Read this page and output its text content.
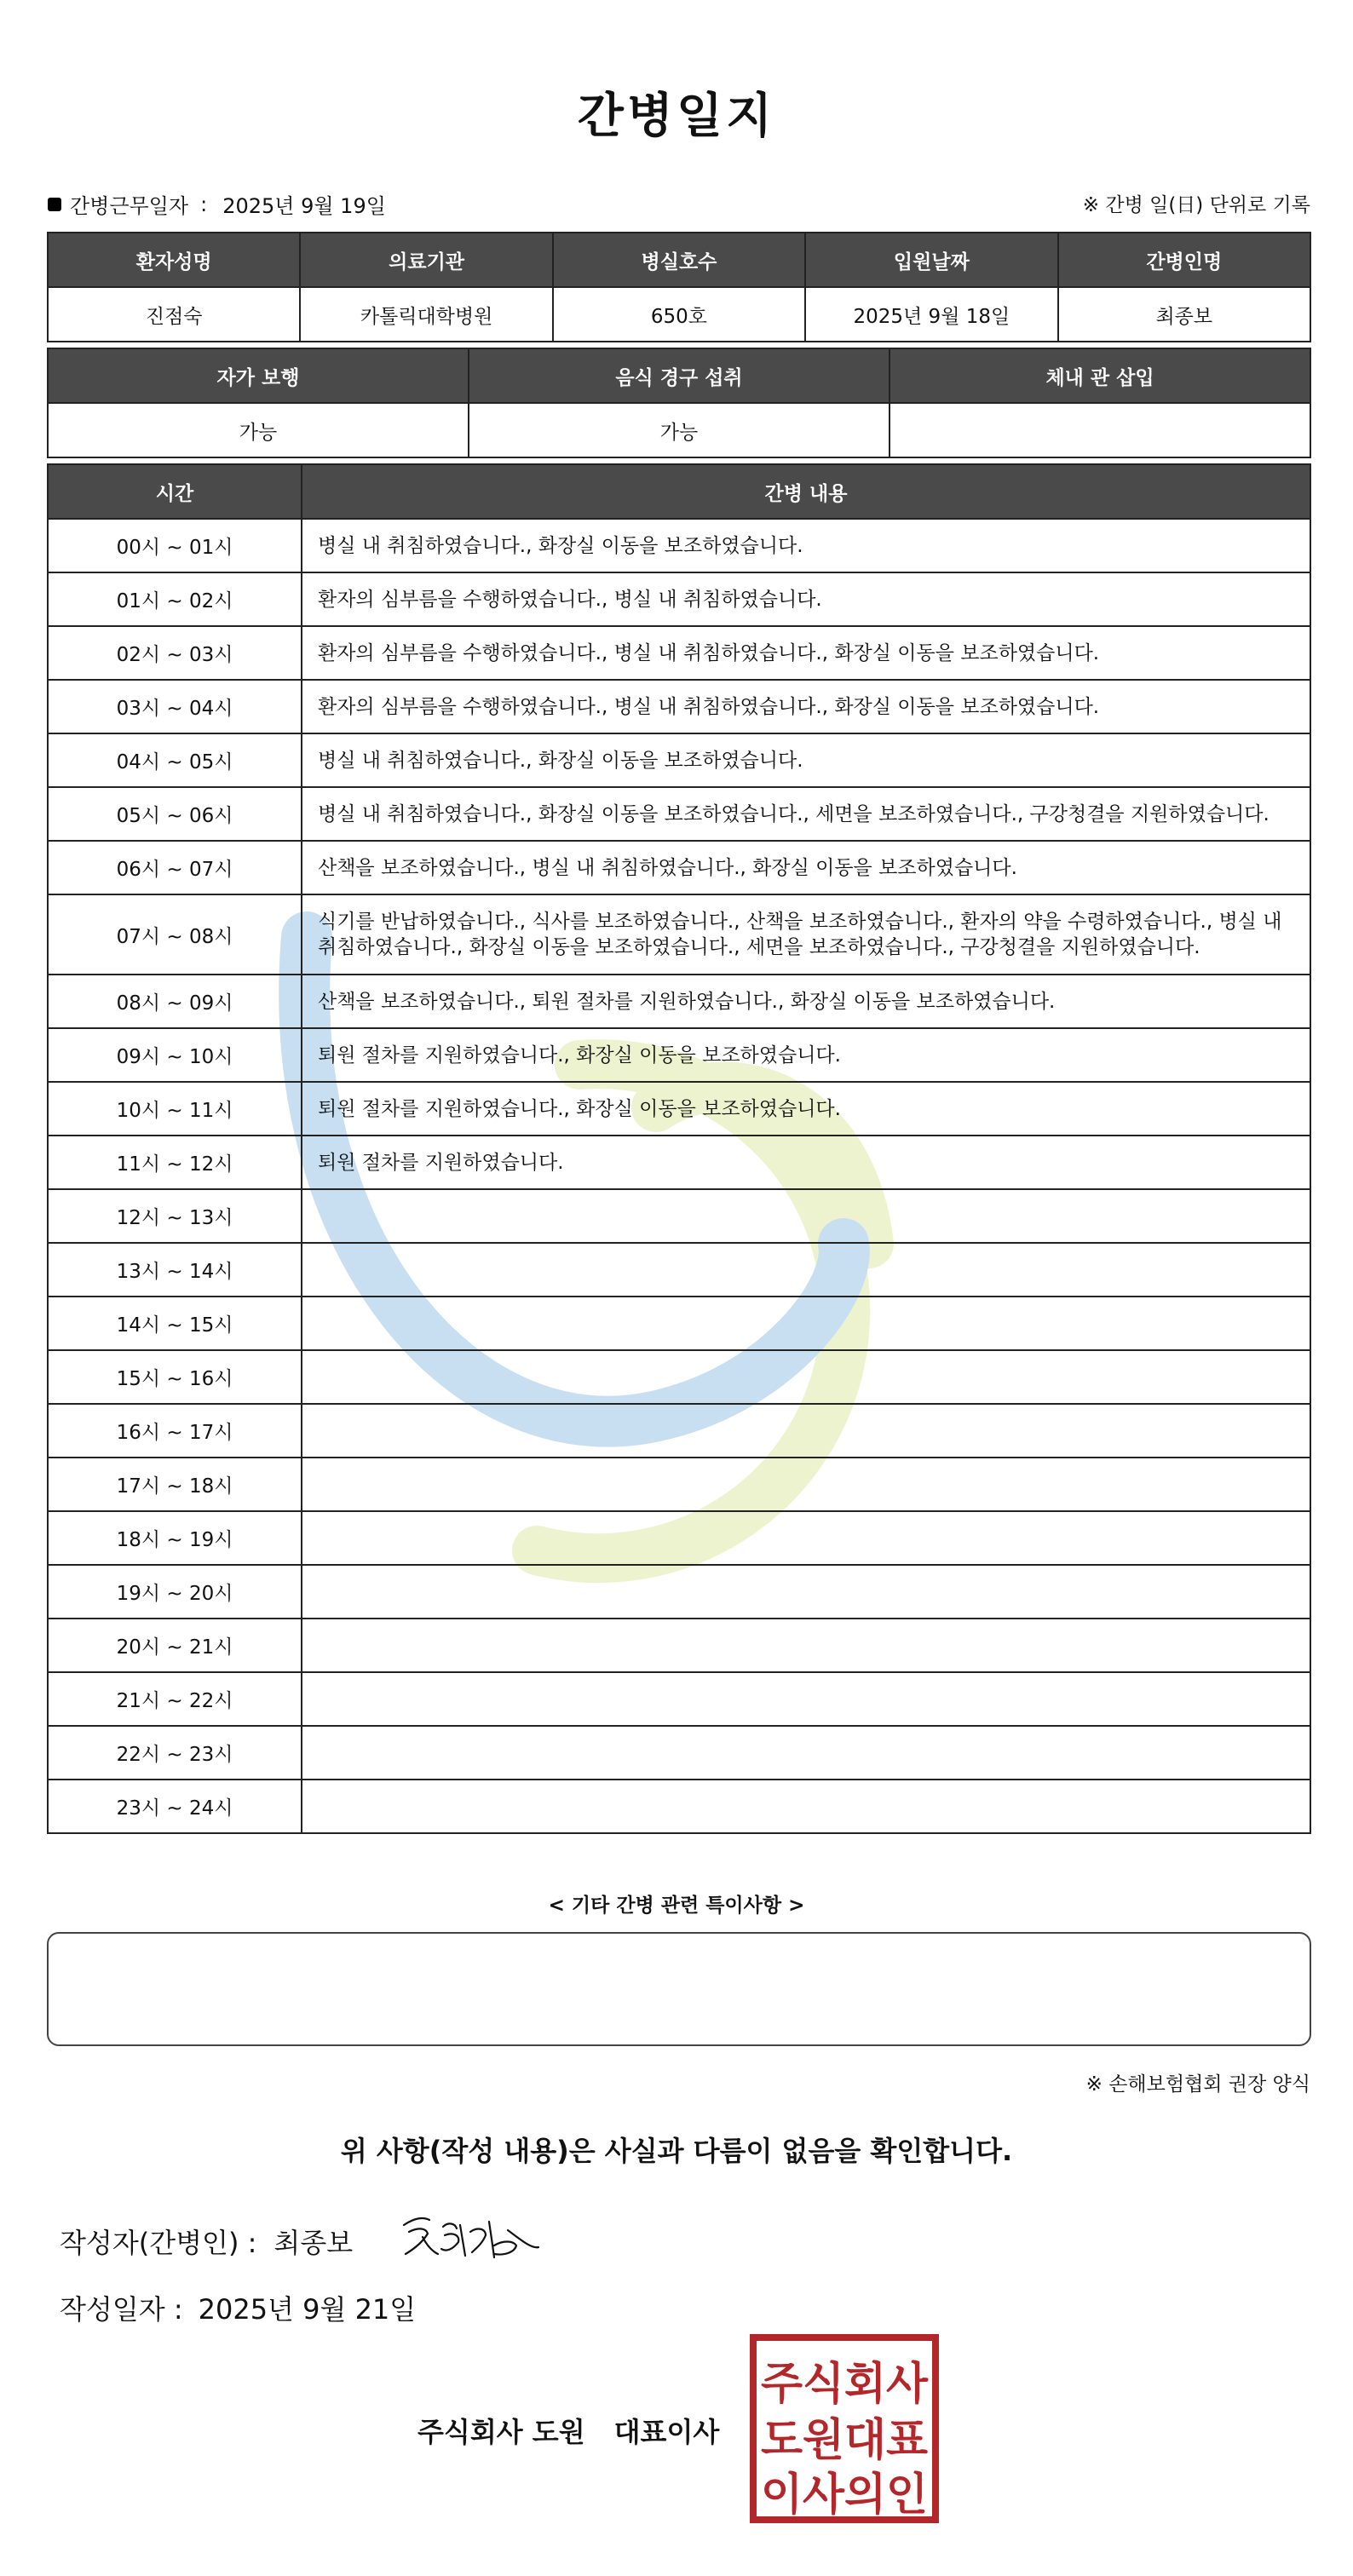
간병일지
간병근무일자 : 2025년 9월 19일	※ 간병 일(日) 단위로 기록
환자성명	의료기관	병실호수	입원날짜	간병인명
진점숙	카톨릭대학병원	650호	2025년 9월 18일	최종보
자가 보행	음식 경구 섭취	체내 관 삽입
가능	가능	
시간	간병 내용
00시 ~ 01시	병실 내 취침하였습니다., 화장실 이동을 보조하였습니다.
01시 ~ 02시	환자의 심부름을 수행하였습니다., 병실 내 취침하였습니다.
02시 ~ 03시	환자의 심부름을 수행하였습니다., 병실 내 취침하였습니다., 화장실 이동을 보조하였습니다.
03시 ~ 04시	환자의 심부름을 수행하였습니다., 병실 내 취침하였습니다., 화장실 이동을 보조하였습니다.
04시 ~ 05시	병실 내 취침하였습니다., 화장실 이동을 보조하였습니다.
05시 ~ 06시	병실 내 취침하였습니다., 화장실 이동을 보조하였습니다., 세면을 보조하였습니다., 구강청결을 지원하였습니다.
06시 ~ 07시	산책을 보조하였습니다., 병실 내 취침하였습니다., 화장실 이동을 보조하였습니다.
07시 ~ 08시	식기를 반납하였습니다., 식사를 보조하였습니다., 산책을 보조하였습니다., 환자의 약을 수령하였습니다., 병실 내 취침하였습니다., 화장실 이동을 보조하였습니다., 세면을 보조하였습니다., 구강청결을 지원하였습니다.
08시 ~ 09시	산책을 보조하였습니다., 퇴원 절차를 지원하였습니다., 화장실 이동을 보조하였습니다.
09시 ~ 10시	퇴원 절차를 지원하였습니다., 화장실 이동을 보조하였습니다.
10시 ~ 11시	퇴원 절차를 지원하였습니다., 화장실 이동을 보조하였습니다.
11시 ~ 12시	퇴원 절차를 지원하였습니다.
12시 ~ 13시	
13시 ~ 14시	
14시 ~ 15시	
15시 ~ 16시	
16시 ~ 17시	
17시 ~ 18시	
18시 ~ 19시	
19시 ~ 20시	
20시 ~ 21시	
21시 ~ 22시	
22시 ~ 23시	
23시 ~ 24시	
< 기타 간병 관련 특이사항 >
※ 손해보험협회 권장 양식
위 사항(작성 내용)은 사실과 다름이 없음을 확인합니다.
작성자(간병인) : 최종보
작성일자 : 2025년 9월 21일
주식회사 도원 대표이사
주식회사
도원대표
이사의인
